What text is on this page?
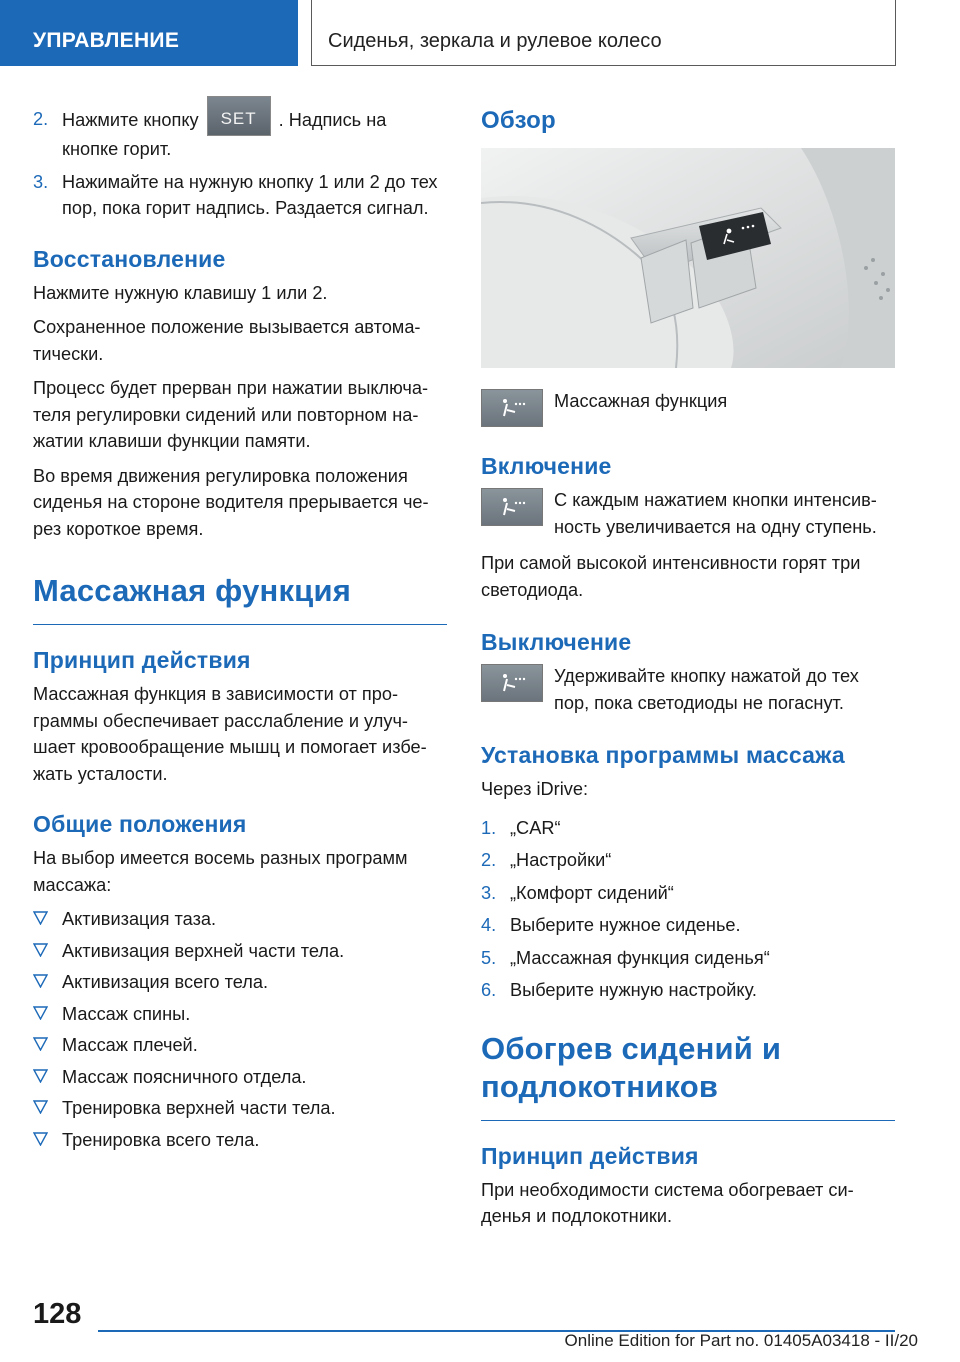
УПРАВЛЕНИЕ	Сиденья, зеркала и рулевое колесо
2. Нажмите кнопку	SET	. Надпись на кнопке горит.
3. Нажимайте на нужную кнопку 1 или 2 до тех пор, пока горит надпись. Раздается сигнал.
Восстановление

Нажмите нужную клавишу 1 или 2.

Сохраненное положение вызывается автома-тически.

Процесс будет прерван при нажатии выключа-теля регулировки сидений или повторном на-жатии клавиши функции памяти.

Во время движения регулировка положения сиденья на стороне водителя прерывается че-рез короткое время.

Массажная функция
Принцип действия

Массажная функция в зависимости от про-граммы обеспечивает расслабление и улуч-шает кровообращение мышц и помогает избе-жать усталости.

Общие положения

На выбор имеется восемь разных программ массажа:

Активизация таза.
Активизация верхней части тела.
Активизация всего тела.
Массаж спины.
Массаж плечей.
Массаж поясничного отдела.
Тренировка верхней части тела.
Тренировка всего тела.
Обзор
Массажная функция
Включение
С каждым нажатием кнопки интенсив-ность увеличивается на одну ступень.

При самой высокой интенсивности горят три светодиода.

Выключение
Удерживайте кнопку нажатой до тех пор, пока светодиоды не погаснут.
Установка программы массажа

Через iDrive:

1. „CAR“
2. „Настройки“
3. „Комфорт сидений“
4. Выберите нужное сиденье.
5. „Массажная функция сиденья“
6. Выберите нужную настройку.
Обогрев сидений и подлокотников
Принцип действия

При необходимости система обогревает си-денья и подлокотники.

128
Online Edition for Part no. 01405A03418 - II/20
